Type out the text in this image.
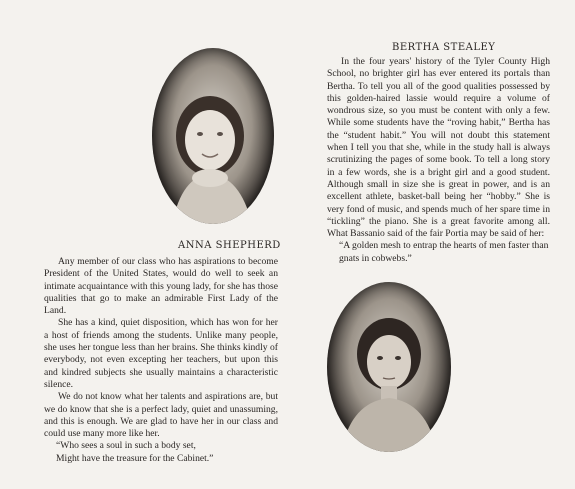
ANNA SHEPHERD

Any member of our class who has aspirations to become President of the United States, would do well to seek an intimate acquaintance with this young lady, for she has those qualities that go to make an admirable First Lady of the Land.

She has a kind, quiet disposition, which has won for her a host of friends among the students. Unlike many people, she uses her tongue less than her brains. She thinks kindly of everybody, not even excepting her teachers, but upon this and kindred subjects she usually maintains a characteristic silence.

We do not know what her talents and aspirations are, but we do know that she is a perfect lady, quiet and unassuming, and this is enough. We are glad to have her in our class and could use many more like her.

“Who sees a soul in such a body set,

Might have the treasure for the Cabinet.”

BERTHA STEALEY

In the four years' history of the Tyler County High School, no brighter girl has ever entered its portals than Bertha. To tell you all of the good qualities possessed by this golden-haired lassie would require a volume of wondrous size, so you must be content with only a few. While some students have the “roving habit,” Bertha has the “student habit.” You will not doubt this statement when I tell you that she, while in the study hall is always scrutinizing the pages of some book. To tell a long story in a few words, she is a bright girl and a good student. Although small in size she is great in power, and is an excellent athlete, basket-ball being her “hobby.” She is very fond of music, and spends much of her spare time in “tickling” the piano. She is a great favorite among all. What Bassanio said of the fair Portia may be said of her:

“A golden mesh to entrap the hearts of men faster than gnats in cobwebs.”
